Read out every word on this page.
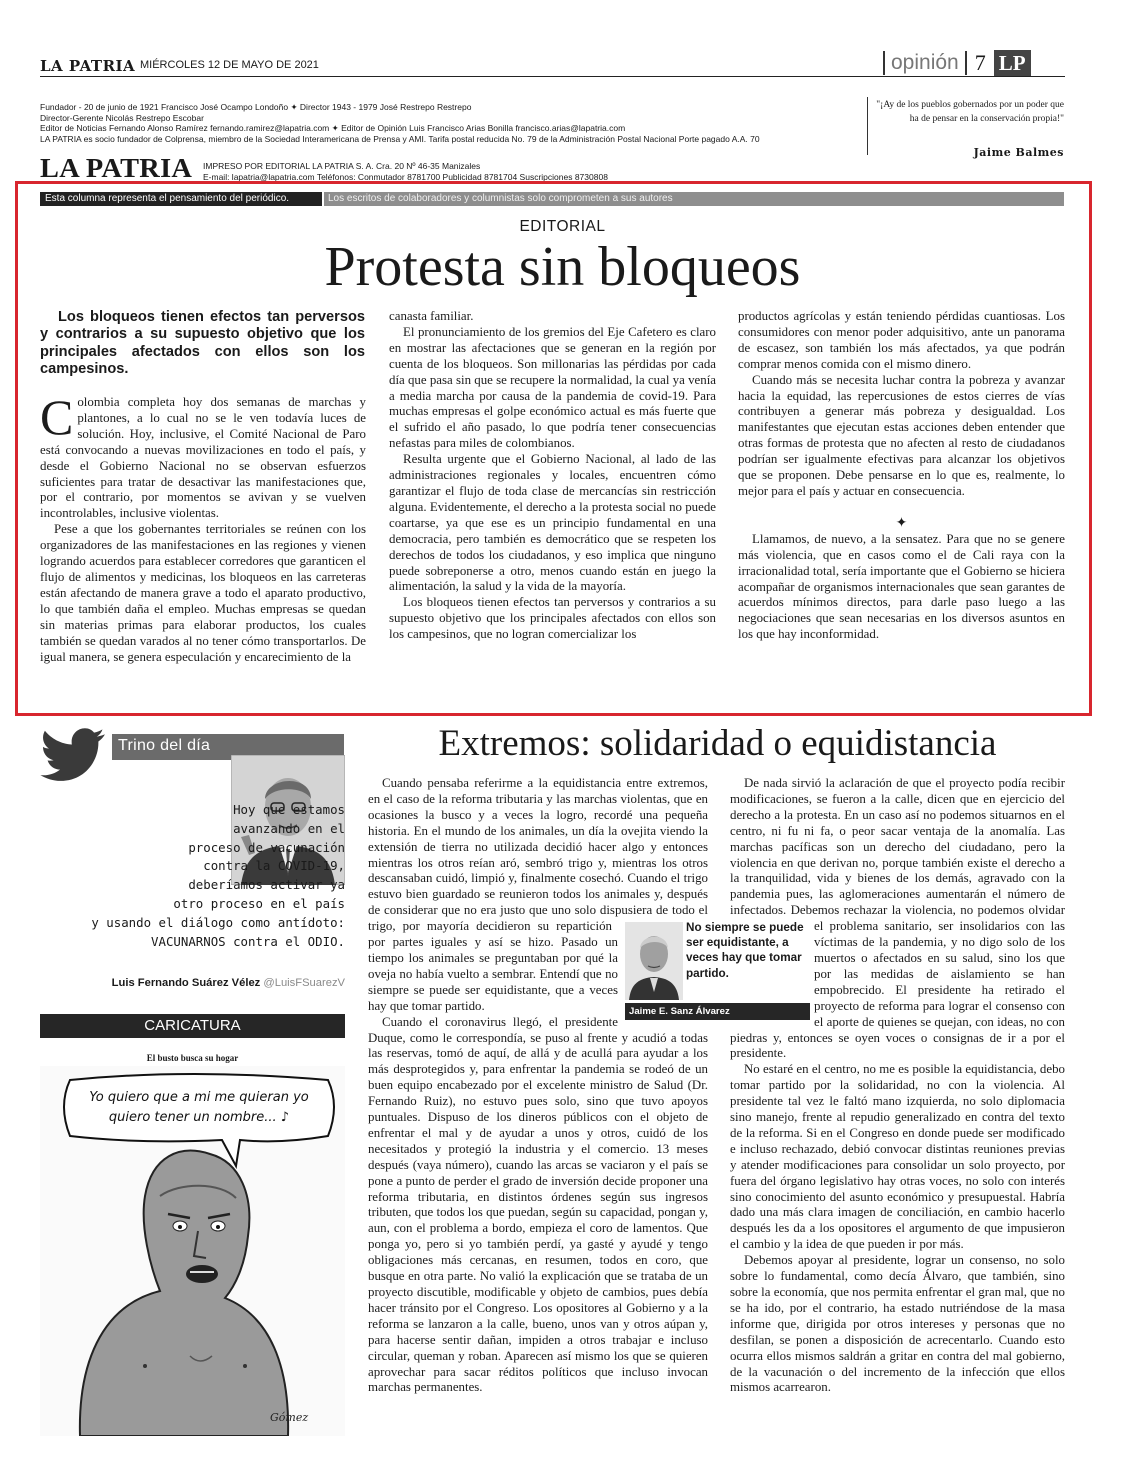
LA PATRIA MIÉRCOLES 12 DE MAYO DE 2021	opinión 7 LP
Fundador - 20 de junio de 1921 Francisco José Ocampo Londoño ✦ Director 1943 - 1979 José Restrepo Restrepo
Director-Gerente Nicolás Restrepo Escobar
Editor de Noticias Fernando Alonso Ramírez fernando.ramirez@lapatria.com ✦ Editor de Opinión Luis Francisco Arias Bonilla francisco.arias@lapatria.com
LA PATRIA es socio fundador de Colprensa, miembro de la Sociedad Interamericana de Prensa y AMI. Tarifa postal reducida No. 79 de la Administración Postal Nacional Porte pagado A.A. 70
LA PATRIA IMPRESO POR EDITORIAL LA PATRIA S. A. Cra. 20 Nº 46-35 Manizales
E-mail: lapatria@lapatria.com Teléfonos: Conmutador 8781700 Publicidad 8781704 Suscripciones 8730808
"¡Ay de los pueblos gobernados por un poder que ha de pensar en la conservación propia!"
Jaime Balmes
Esta columna representa el pensamiento del periódico.	Los escritos de colaboradores y columnistas solo comprometen a sus autores
EDITORIAL
Protesta sin bloqueos
Los bloqueos tienen efectos tan perversos y contrarios a su supuesto objetivo que los principales afectados con ellos son los campesinos.

Colombia completa hoy dos semanas de marchas y plantones, a lo cual no se le ven todavía luces de solución. Hoy, inclusive, el Comité Nacional de Paro está convocando a nuevas movilizaciones en todo el país, y desde el Gobierno Nacional no se observan esfuerzos suficientes para tratar de desactivar las manifestaciones que, por el contrario, por momentos se avivan y se vuelven incontrolables, inclusive violentas.

Pese a que los gobernantes territoriales se reúnen con los organizadores de las manifestaciones en las regiones y vienen logrando acuerdos para establecer corredores que garanticen el flujo de alimentos y medicinas, los bloqueos en las carreteras están afectando de manera grave a todo el aparato productivo, lo que también daña el empleo. Muchas empresas se quedan sin materias primas para elaborar productos, los cuales también se quedan varados al no tener cómo transportarlos. De igual manera, se genera especulación y encarecimiento de la

canasta familiar.

El pronunciamiento de los gremios del Eje Cafetero es claro en mostrar las afectaciones que se generan en la región por cuenta de los bloqueos. Son millonarias las pérdidas por cada día que pasa sin que se recupere la normalidad, la cual ya venía a media marcha por causa de la pandemia de covid-19. Para muchas empresas el golpe económico actual es más fuerte que el sufrido el año pasado, lo que podría tener consecuencias nefastas para miles de colombianos.

Resulta urgente que el Gobierno Nacional, al lado de las administraciones regionales y locales, encuentren cómo garantizar el flujo de toda clase de mercancías sin restricción alguna. Evidentemente, el derecho a la protesta social no puede coartarse, ya que ese es un principio fundamental en una democracia, pero también es democrático que se respeten los derechos de todos los ciudadanos, y eso implica que ninguno puede sobreponerse a otro, menos cuando están en juego la alimentación, la salud y la vida de la mayoría.

Los bloqueos tienen efectos tan perversos y contrarios a su supuesto objetivo que los principales afectados con ellos son los campesinos, que no logran comercializar los

productos agrícolas y están teniendo pérdidas cuantiosas. Los consumidores con menor poder adquisitivo, ante un panorama de escasez, son también los más afectados, ya que podrán comprar menos comida con el mismo dinero.

Cuando más se necesita luchar contra la pobreza y avanzar hacia la equidad, las repercusiones de estos cierres de vías contribuyen a generar más pobreza y desigualdad. Los manifestantes que ejecutan estas acciones deben entender que otras formas de protesta que no afecten al resto de ciudadanos podrían ser igualmente efectivas para alcanzar los objetivos que se proponen. Debe pensarse en lo que es, realmente, lo mejor para el país y actuar en consecuencia.

✦

Llamamos, de nuevo, a la sensatez. Para que no se genere más violencia, que en casos como el de Cali raya con la irracionalidad total, sería importante que el Gobierno se hiciera acompañar de organismos internacionales que sean garantes de acuerdos mínimos directos, para darle paso luego a las negociaciones que sean necesarias en los diversos asuntos en los que hay inconformidad.

Trino del día
Hoy que estamos
avanzando en el
proceso de vacunación
contra la COVID-19,
deberíamos activar ya
otro proceso en el país
y usando el diálogo como antídoto:
VACUNARNOS contra el ODIO.
Luis Fernando Suárez Vélez @LuisFSuarezV
CARICATURA
El busto busca su hogar
Yo quiero que a mi me quieran yo quiero tener un nombre... ♪
Gómez
Extremos: solidaridad o equidistancia

Cuando pensaba referirme a la equidistancia entre extremos, en el caso de la reforma tributaria y las marchas violentas, que en ocasiones la busco y a veces la logro, recordé una pequeña historia. En el mundo de los animales, un día la ovejita viendo la extensión de tierra no utilizada decidió hacer algo y entonces mientras los otros reían aró, sembró trigo y, mientras los otros descansaban cuidó, limpió y, finalmente cosechó. Cuando el trigo estuvo bien guardado se reunieron todos los animales y, después de considerar que no era justo que uno solo dispusiera de todo el trigo, por mayoría decidieron su repartición por partes iguales y así se hizo. Pasado un tiempo los animales se preguntaban por qué la oveja no había vuelto a sembrar. Entendí que no siempre se puede ser equidistante, que a veces hay que tomar partido.

Cuando el coronavirus llegó, el presidente Duque, como le correspondía, se puso al frente y acudió a todas las reservas, tomó de aquí, de allá y de acullá para ayudar a los más desprotegidos y, para enfrentar la pandemia se rodeó de un buen equipo encabezado por el excelente ministro de Salud (Dr. Fernando Ruiz), no estuvo pues solo, sino que tuvo apoyos puntuales. Dispuso de los dineros públicos con el objeto de enfrentar el mal y de ayudar a unos y otros, cuidó de los necesitados y protegió la industria y el comercio. 13 meses después (vaya número), cuando las arcas se vaciaron y el país se pone a punto de perder el grado de inversión decide proponer una reforma tributaria, en distintos órdenes según sus ingresos tributen, que todos los que puedan, según su capacidad, pongan y, aun, con el problema a bordo, empieza el coro de lamentos. Que ponga yo, pero si yo también perdí, ya gasté y ayudé y tengo obligaciones más cercanas, en resumen, todos en coro, que busque en otra parte. No valió la explicación que se trataba de un proyecto discutible, modificable y objeto de cambios, pues debía hacer tránsito por el Congreso. Los opositores al Gobierno y a la reforma se lanzaron a la calle, bueno, unos van y otros aúpan y, para hacerse sentir dañan, impiden a otros trabajar e incluso circular, queman y roban. Aparecen así mismo los que se quieren aprovechar para sacar réditos políticos que incluso invocan marchas permanentes.

De nada sirvió la aclaración de que el proyecto podía recibir modificaciones, se fueron a la calle, dicen que en ejercicio del derecho a la protesta. En un caso así no podemos situarnos en el centro, ni fu ni fa, o peor sacar ventaja de la anomalía. Las marchas pacíficas son un derecho del ciudadano, pero la violencia en que derivan no, porque también existe el derecho a la tranquilidad, vida y bienes de los demás, agravado con la pandemia pues, las aglomeraciones aumentarán el número de infectados. Debemos rechazar la violencia, no podemos olvidar el problema sanitario, ser insolidarios con las víctimas de la pandemia, y no digo solo de los muertos o afectados en su salud, sino los que por las medidas de aislamiento se han empobrecido. El presidente ha retirado el proyecto de reforma para lograr el consenso con el aporte de quienes se quejan, con ideas, no con piedras y, entonces se oyen voces o consignas de ir a por el presidente.

No estaré en el centro, no me es posible la equidistancia, debo tomar partido por la solidaridad, no con la violencia. Al presidente tal vez le faltó mano izquierda, no solo diplomacia sino manejo, frente al repudio generalizado en contra del texto de la reforma. Si en el Congreso en donde puede ser modificado e incluso rechazado, debió convocar distintas reuniones previas y atender modificaciones para consolidar un solo proyecto, por fuera del órgano legislativo hay otras voces, no solo con interés sino conocimiento del asunto económico y presupuestal. Habría dado una más clara imagen de conciliación, en cambio hacerlo después les da a los opositores el argumento de que impusieron el cambio y la idea de que pueden ir por más.

Debemos apoyar al presidente, lograr un consenso, no solo sobre lo fundamental, como decía Álvaro, que también, sino sobre la economía, que nos permita enfrentar el gran mal, que no se ha ido, por el contrario, ha estado nutriéndose de la masa informe que, dirigida por otros intereses y personas que no desfilan, se ponen a disposición de acrecentarlo. Cuando esto ocurra ellos mismos saldrán a gritar en contra del mal gobierno, de la vacunación o del incremento de la infección que ellos mismos acarrearon.

No siempre se puede ser equidistante, a veces hay que tomar partido.
Jaime E. Sanz Álvarez
